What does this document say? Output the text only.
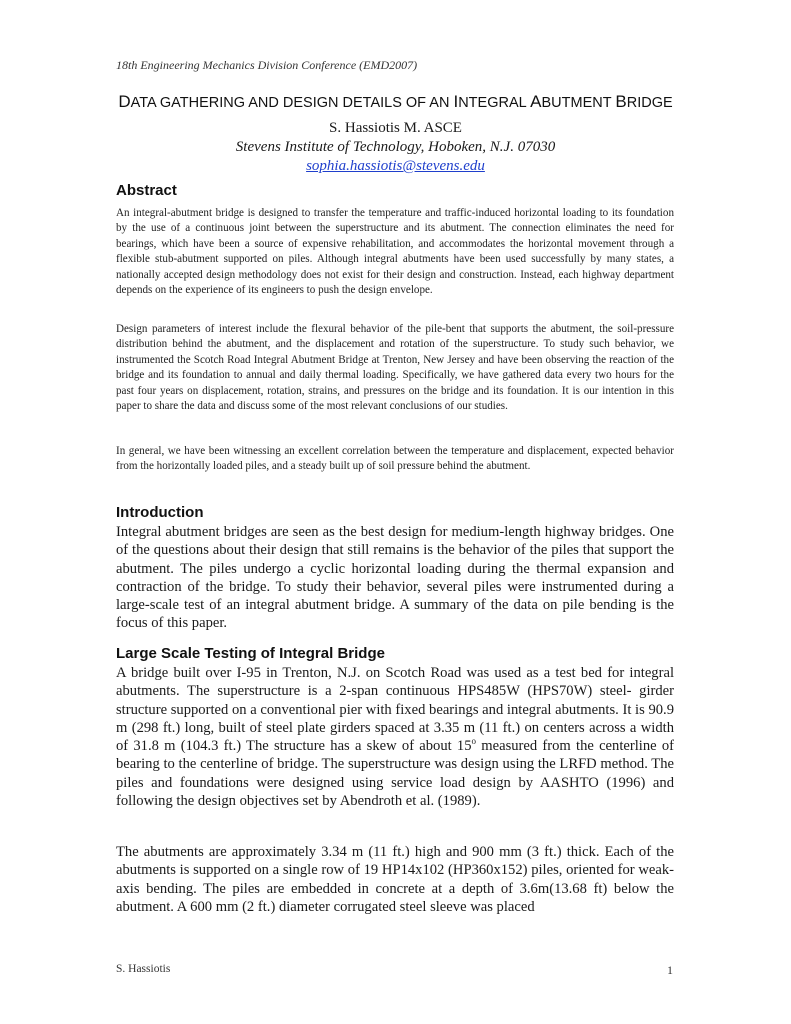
18th Engineering Mechanics Division Conference (EMD2007)
DATA GATHERING AND DESIGN DETAILS OF AN INTEGRAL ABUTMENT BRIDGE
S. Hassiotis M. ASCE
Stevens Institute of Technology, Hoboken, N.J. 07030
sophia.hassiotis@stevens.edu
Abstract

An integral-abutment bridge is designed to transfer the temperature and traffic-induced horizontal loading to its foundation by the use of a continuous joint between the superstructure and its abutment. The connection eliminates the need for bearings, which have been a source of expensive rehabilitation, and accommodates the horizontal movement through a flexible stub-abutment supported on piles. Although integral abutments have been used successfully by many states, a nationally accepted design methodology does not exist for their design and construction. Instead, each highway department depends on the experience of its engineers to push the design envelope.

Design parameters of interest include the flexural behavior of the pile-bent that supports the abutment, the soil-pressure distribution behind the abutment, and the displacement and rotation of the superstructure. To study such behavior, we instrumented the Scotch Road Integral Abutment Bridge at Trenton, New Jersey and have been observing the reaction of the bridge and its foundation to annual and daily thermal loading. Specifically, we have gathered data every two hours for the past four years on displacement, rotation, strains, and pressures on the bridge and its foundation. It is our intention in this paper to share the data and discuss some of the most relevant conclusions of our studies.

In general, we have been witnessing an excellent correlation between the temperature and displacement, expected behavior from the horizontally loaded piles, and a steady built up of soil pressure behind the abutment.

Introduction

Integral abutment bridges are seen as the best design for medium-length highway bridges. One of the questions about their design that still remains is the behavior of the piles that support the abutment. The piles undergo a cyclic horizontal loading during the thermal expansion and contraction of the bridge. To study their behavior, several piles were instrumented during a large-scale test of an integral abutment bridge. A summary of the data on pile bending is the focus of this paper.

Large Scale Testing of Integral Bridge

A bridge built over I-95 in Trenton, N.J. on Scotch Road was used as a test bed for integral abutments. The superstructure is a 2-span continuous HPS485W (HPS70W) steel- girder structure supported on a conventional pier with fixed bearings and integral abutments. It is 90.9 m (298 ft.) long, built of steel plate girders spaced at 3.35 m (11 ft.) on centers across a width of 31.8 m (104.3 ft.) The structure has a skew of about 15$^o$ measured from the centerline of bearing to the centerline of bridge. The superstructure was design using the LRFD method. The piles and foundations were designed using service load design by AASHTO (1996) and following the design objectives set by Abendroth et al. (1989).

The abutments are approximately 3.34 m (11 ft.) high and 900 mm (3 ft.) thick. Each of the abutments is supported on a single row of 19 HP14x102 (HP360x152) piles, oriented for weak-axis bending. The piles are embedded in concrete at a depth of 3.6m(13.68 ft) below the abutment. A 600 mm (2 ft.) diameter corrugated steel sleeve was placed

S. Hassiotis	1
